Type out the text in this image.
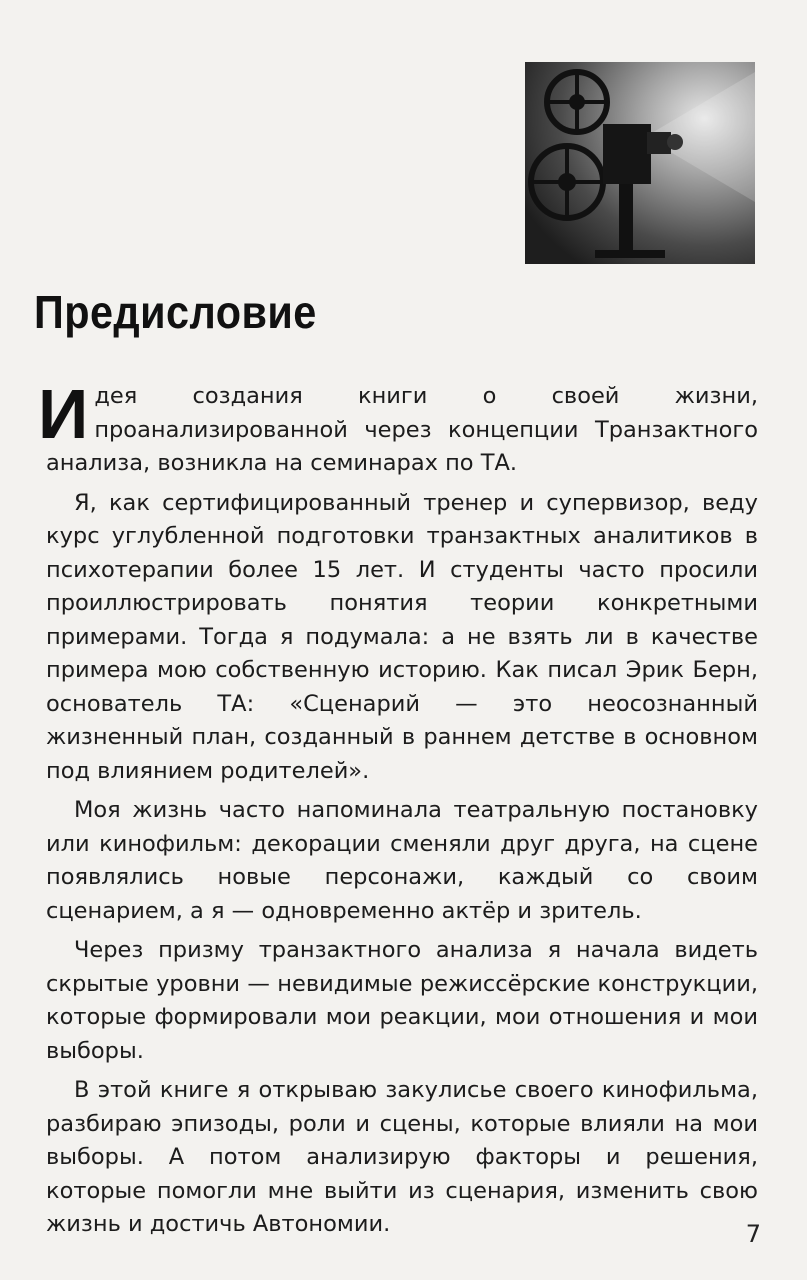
Предисловие

Идея создания книги о своей жизни, проанализированной через концепции Транзактного анализа, возникла на семинарах по ТА.

Я, как сертифицированный тренер и супервизор, веду курс углубленной подготовки транзактных аналитиков в психотерапии более 15 лет. И студенты часто просили проиллюстрировать понятия теории конкретными примерами. Тогда я подумала: а не взять ли в качестве примера мою собственную историю. Как писал Эрик Берн, основатель ТА: «Сценарий — это неосознанный жизненный план, созданный в раннем детстве в основном под влиянием родителей».

Моя жизнь часто напоминала театральную постановку или кинофильм: декорации сменяли друг друга, на сцене появлялись новые персонажи, каждый со своим сценарием, а я — одновременно актёр и зритель.

Через призму транзактного анализа я начала видеть скрытые уровни — невидимые режиссёрские конструкции, которые формировали мои реакции, мои отношения и мои выборы.

В этой книге я открываю закулисье своего кинофильма, разбираю эпизоды, роли и сцены, которые влияли на мои выборы. А потом анализирую факторы и решения, которые помогли мне выйти из сценария, изменить свою жизнь и достичь Автономии.	7
